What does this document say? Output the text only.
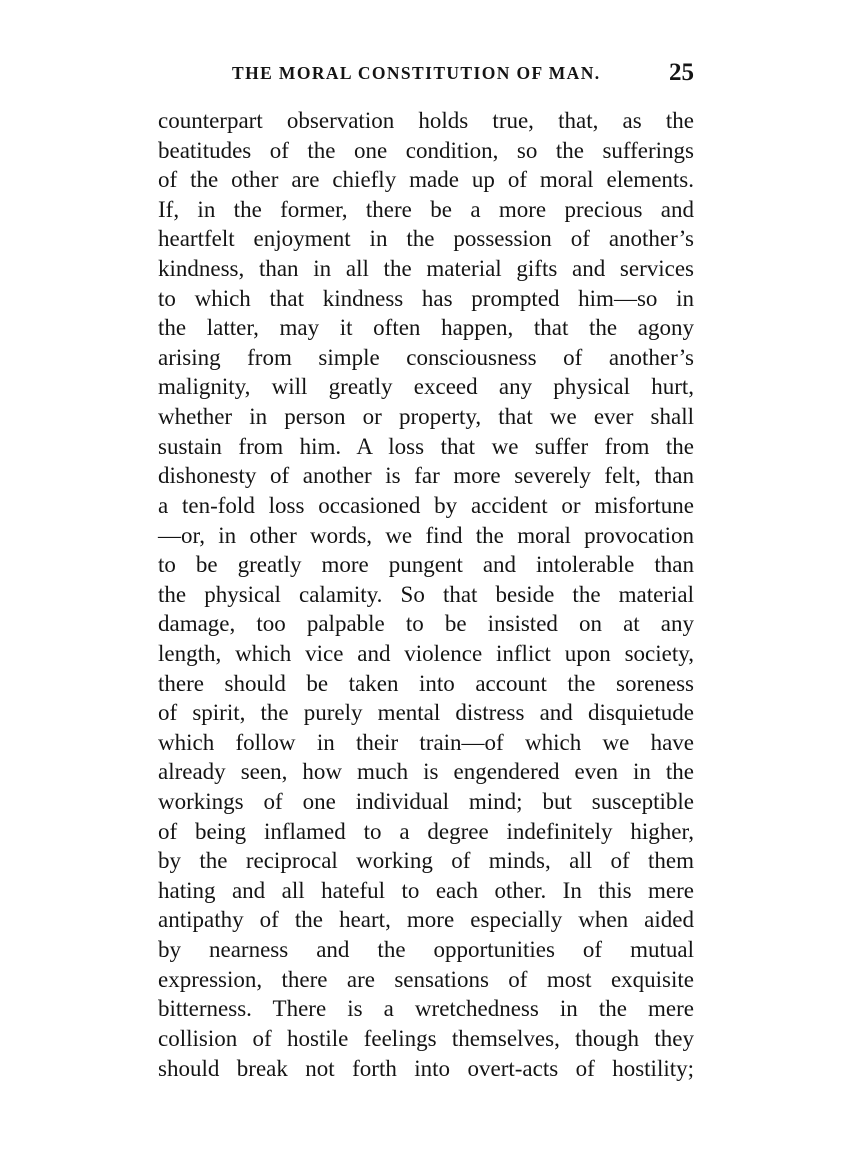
THE MORAL CONSTITUTION OF MAN.	25
counterpart observation holds true, that, as the
beatitudes of the one condition, so the sufferings
of the other are chiefly made up of moral elements.
If, in the former, there be a more precious and
heartfelt enjoyment in the possession of another’s
kindness, than in all the material gifts and services
to which that kindness has prompted him—so in
the latter, may it often happen, that the agony
arising from simple consciousness of another’s
malignity, will greatly exceed any physical hurt,
whether in person or property, that we ever shall
sustain from him. A loss that we suffer from the
dishonesty of another is far more severely felt, than
a ten-fold loss occasioned by accident or misfortune
—or, in other words, we find the moral provocation
to be greatly more pungent and intolerable than
the physical calamity. So that beside the material
damage, too palpable to be insisted on at any
length, which vice and violence inflict upon society,
there should be taken into account the soreness
of spirit, the purely mental distress and disquietude
which follow in their train—of which we have
already seen, how much is engendered even in the
workings of one individual mind; but susceptible
of being inflamed to a degree indefinitely higher,
by the reciprocal working of minds, all of them
hating and all hateful to each other. In this mere
antipathy of the heart, more especially when aided
by nearness and the opportunities of mutual
expression, there are sensations of most exquisite
bitterness. There is a wretchedness in the mere
collision of hostile feelings themselves, though they
should break not forth into overt-acts of hostility;
